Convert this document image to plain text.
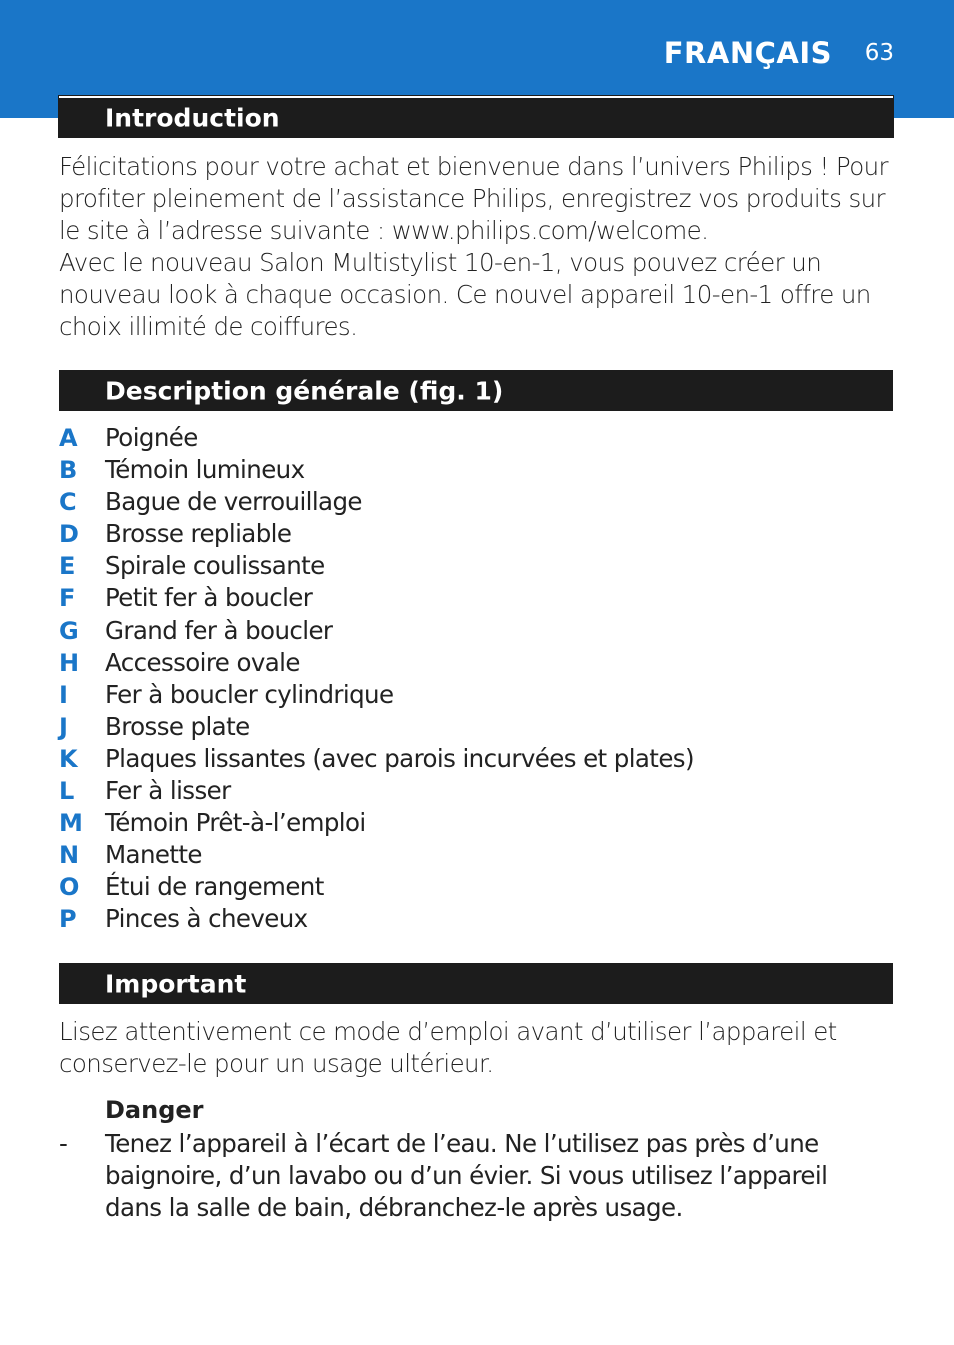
FRANÇAIS 63
Introduction

Félicitations pour votre achat et bienvenue dans l’univers Philips ! Pour profiter pleinement de l’assistance Philips, enregistrez vos produits sur le site à l’adresse suivante : www.philips.com/welcome.

Avec le nouveau Salon Multistylist 10-en-1, vous pouvez créer un nouveau look à chaque occasion. Ce nouvel appareil 10-en-1 offre un choix illimité de coiffures.

Description générale (fig. 1)
A	Poignée
B	Témoin lumineux
C	Bague de verrouillage
D	Brosse repliable
E	Spirale coulissante
F	Petit fer à boucler
G	Grand fer à boucler
H	Accessoire ovale
I	Fer à boucler cylindrique
J	Brosse plate
K	Plaques lissantes (avec parois incurvées et plates)
L	Fer à lisser
M Témoin Prêt-à-l’emploi
N	Manette
O	Étui de rangement
P	Pinces à cheveux
Important

Lisez attentivement ce mode d’emploi avant d’utiliser l’appareil et conservez-le pour un usage ultérieur.

Danger
-	Tenez l’appareil à l’écart de l’eau. Ne l’utilisez pas près d’une baignoire, d’un lavabo ou d’un évier. Si vous utilisez l’appareil dans la salle de bain, débranchez-le après usage.
